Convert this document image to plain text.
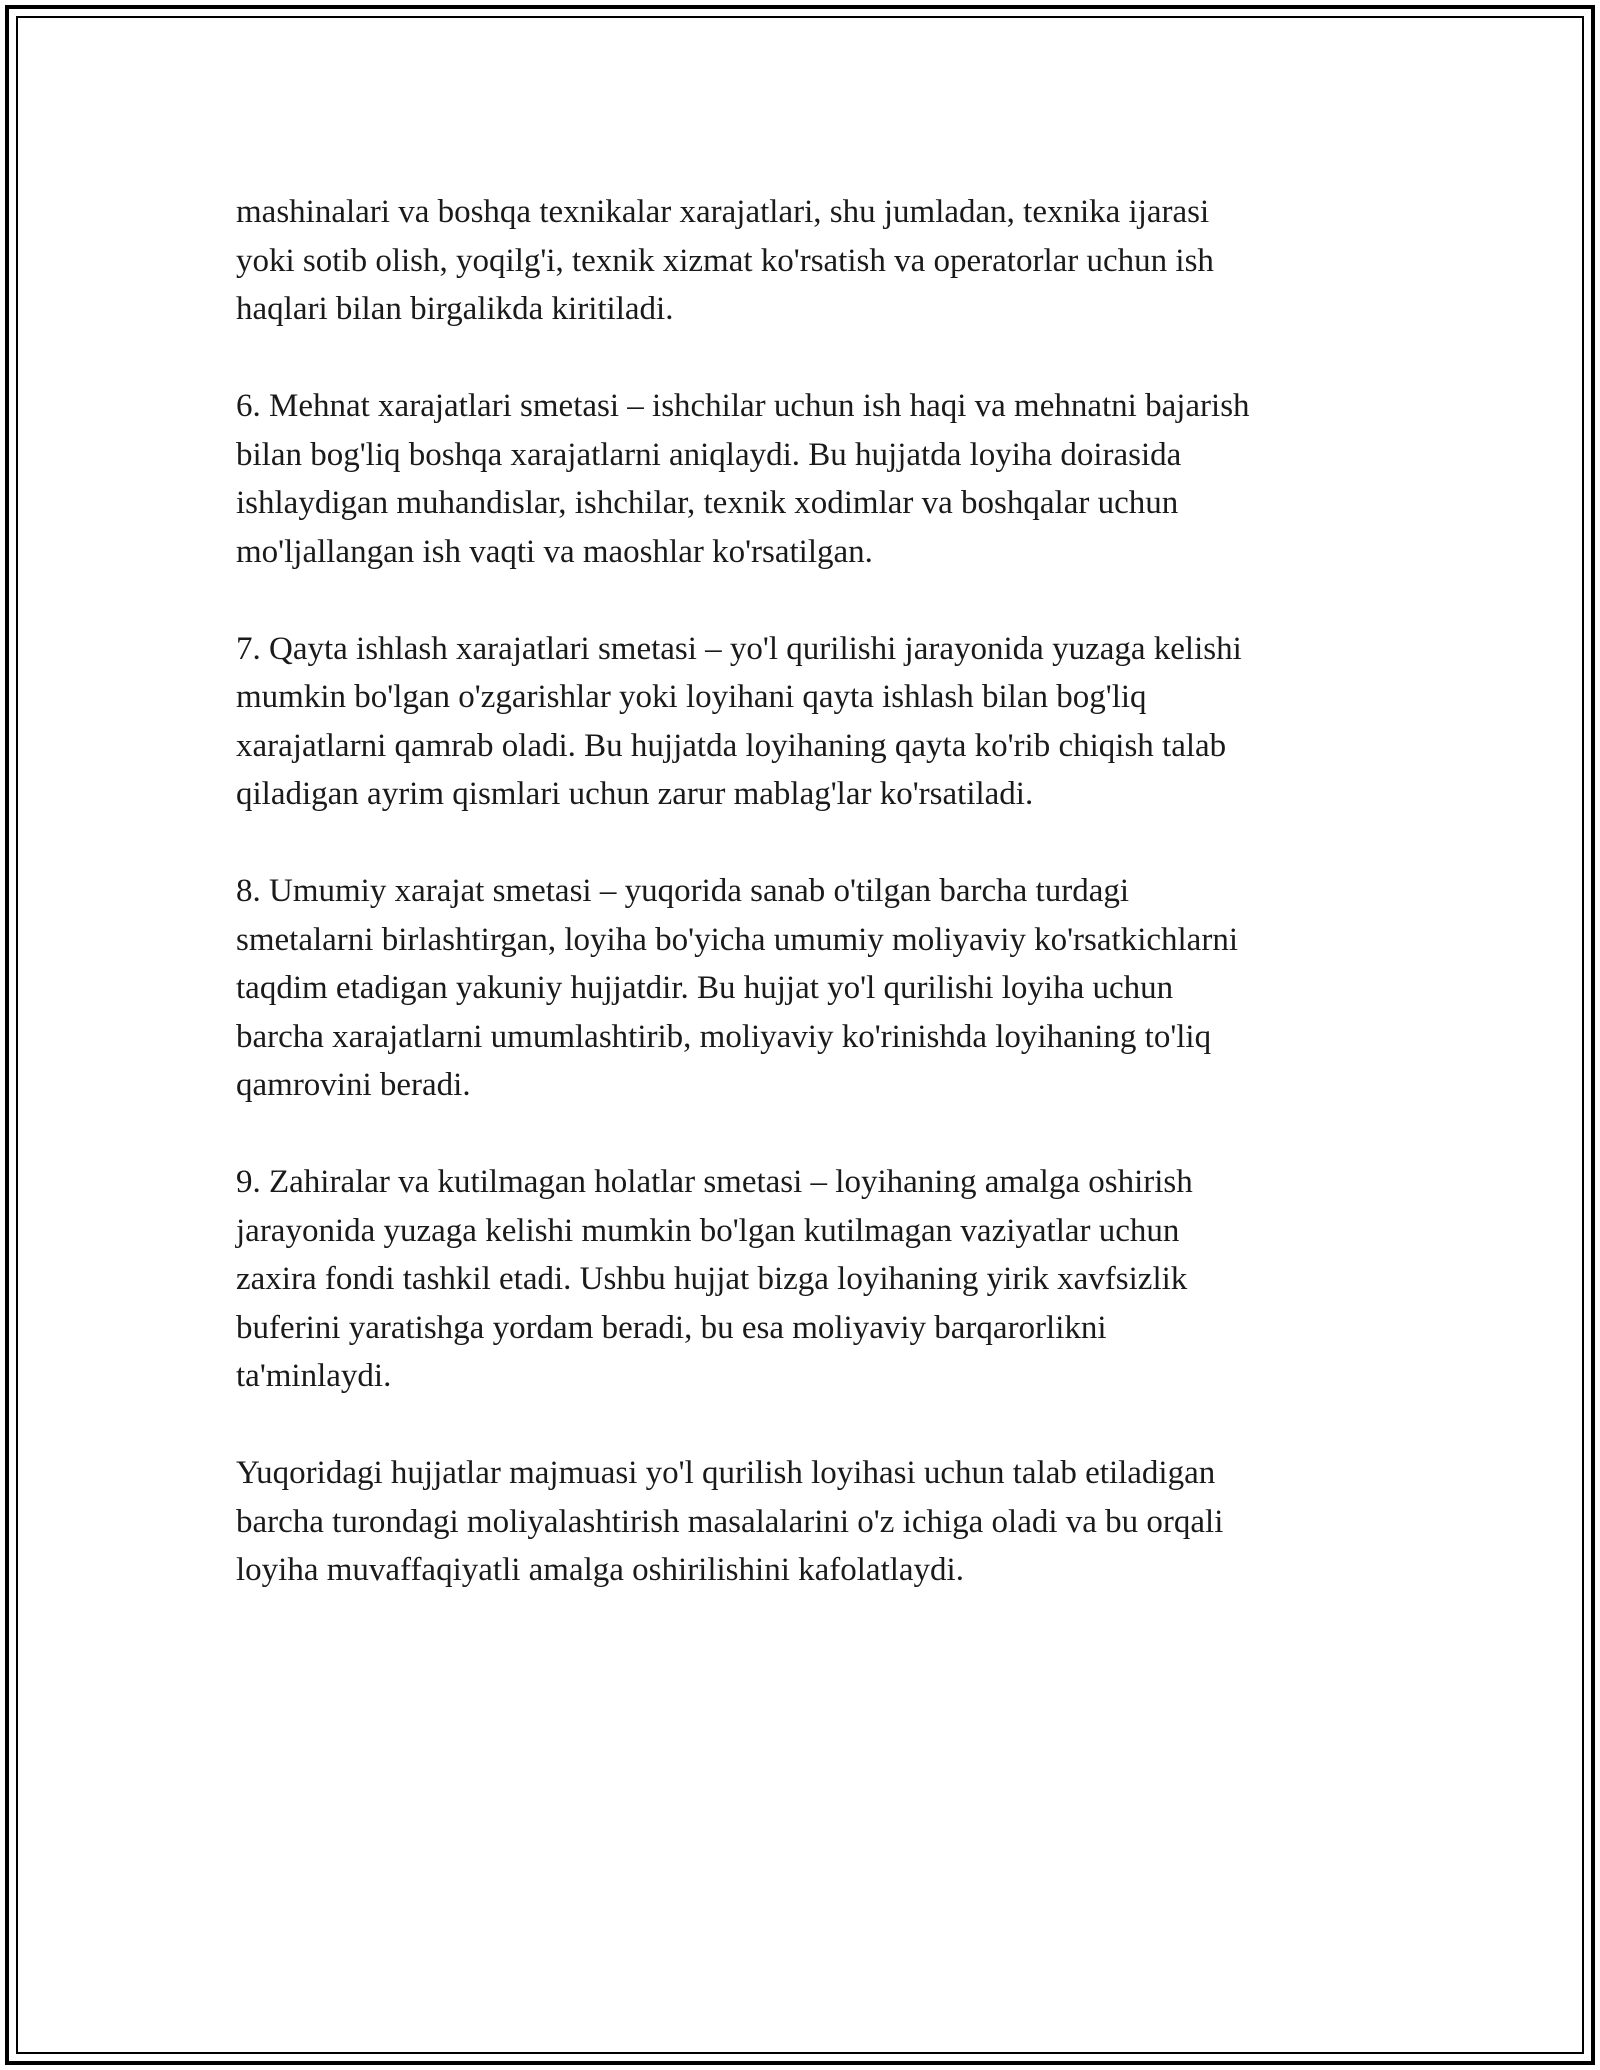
mashinalari va boshqa texnikalar xarajatlari, shu jumladan, texnika ijarasi
yoki sotib olish, yoqilg'i, texnik xizmat ko'rsatish va operatorlar uchun ish
haqlari bilan birgalikda kiritiladi.

6. Mehnat xarajatlari smetasi – ishchilar uchun ish haqi va mehnatni bajarish
bilan bog'liq boshqa xarajatlarni aniqlaydi. Bu hujjatda loyiha doirasida
ishlaydigan muhandislar, ishchilar, texnik xodimlar va boshqalar uchun
mo'ljallangan ish vaqti va maoshlar ko'rsatilgan.

7. Qayta ishlash xarajatlari smetasi – yo'l qurilishi jarayonida yuzaga kelishi
mumkin bo'lgan o'zgarishlar yoki loyihani qayta ishlash bilan bog'liq
xarajatlarni qamrab oladi. Bu hujjatda loyihaning qayta ko'rib chiqish talab
qiladigan ayrim qismlari uchun zarur mablag'lar ko'rsatiladi.

8. Umumiy xarajat smetasi – yuqorida sanab o'tilgan barcha turdagi
smetalarni birlashtirgan, loyiha bo'yicha umumiy moliyaviy ko'rsatkichlarni
taqdim etadigan yakuniy hujjatdir. Bu hujjat yo'l qurilishi loyiha uchun
barcha xarajatlarni umumlashtirib, moliyaviy ko'rinishda loyihaning to'liq
qamrovini beradi.

9. Zahiralar va kutilmagan holatlar smetasi – loyihaning amalga oshirish
jarayonida yuzaga kelishi mumkin bo'lgan kutilmagan vaziyatlar uchun
zaxira fondi tashkil etadi. Ushbu hujjat bizga loyihaning yirik xavfsizlik
buferini yaratishga yordam beradi, bu esa moliyaviy barqarorlikni
ta'minlaydi.

Yuqoridagi hujjatlar majmuasi yo'l qurilish loyihasi uchun talab etiladigan
barcha turondagi moliyalashtirish masalalarini o'z ichiga oladi va bu orqali
loyiha muvaffaqiyatli amalga oshirilishini kafolatlaydi.
